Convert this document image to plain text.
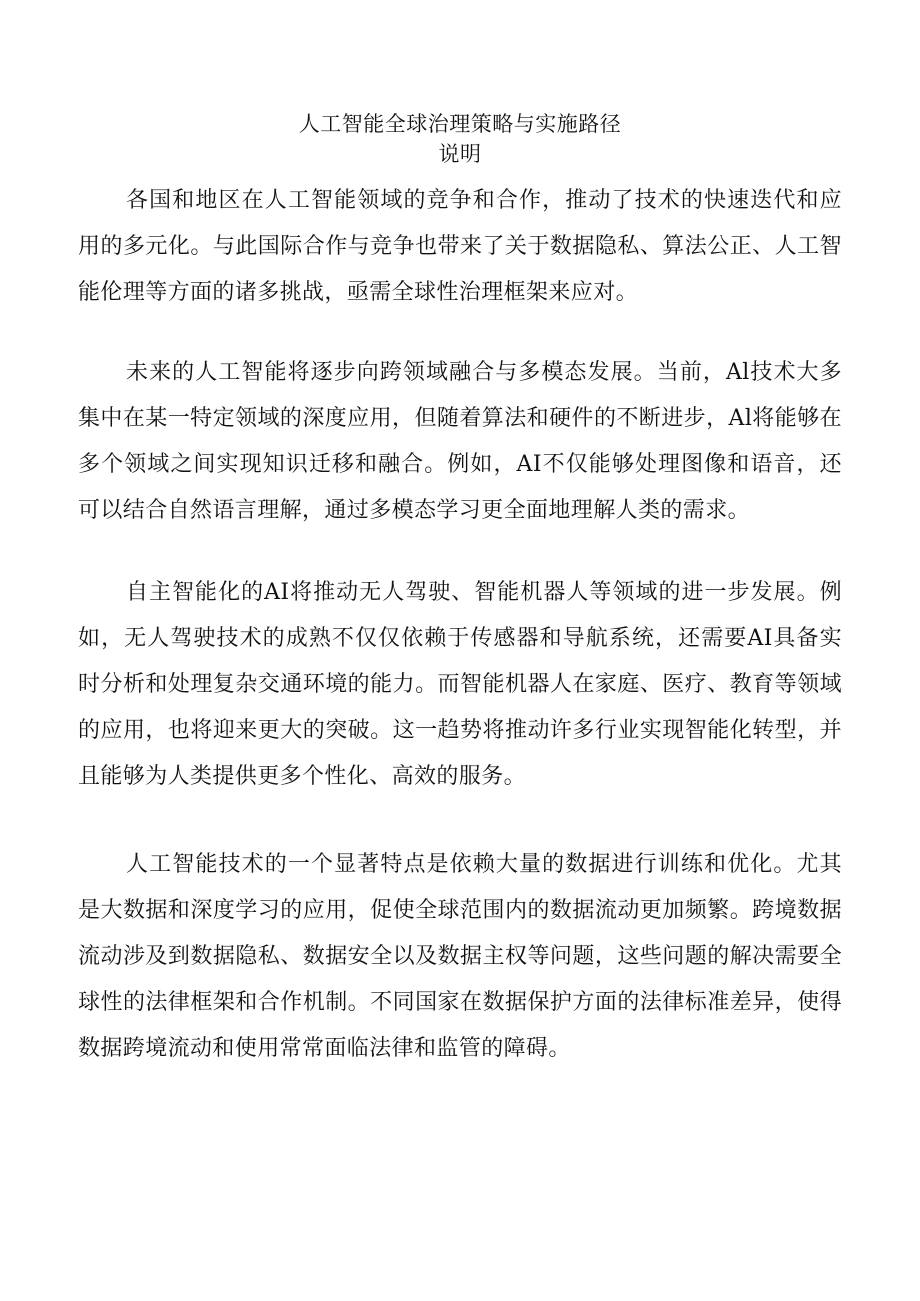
人工智能全球治理策略与实施路径
说明

各国和地区在人工智能领域的竞争和合作，推动了技术的快速迭代和应用的多元化。与此国际合作与竞争也带来了关于数据隐私、算法公正、人工智能伦理等方面的诸多挑战，亟需全球性治理框架来应对。

未来的人工智能将逐步向跨领域融合与多模态发展。当前，Al技术大多集中在某一特定领域的深度应用，但随着算法和硬件的不断进步，Al将能够在多个领域之间实现知识迁移和融合。例如，AI不仅能够处理图像和语音，还可以结合自然语言理解，通过多模态学习更全面地理解人类的需求。

自主智能化的AI将推动无人驾驶、智能机器人等领域的进一步发展。例如，无人驾驶技术的成熟不仅仅依赖于传感器和导航系统，还需要AI具备实时分析和处理复杂交通环境的能力。而智能机器人在家庭、医疗、教育等领域的应用，也将迎来更大的突破。这一趋势将推动许多行业实现智能化转型，并且能够为人类提供更多个性化、高效的服务。

人工智能技术的一个显著特点是依赖大量的数据进行训练和优化。尤其是大数据和深度学习的应用，促使全球范围内的数据流动更加频繁。跨境数据流动涉及到数据隐私、数据安全以及数据主权等问题，这些问题的解决需要全球性的法律框架和合作机制。不同国家在数据保护方面的法律标准差异，使得数据跨境流动和使用常常面临法律和监管的障碍。
